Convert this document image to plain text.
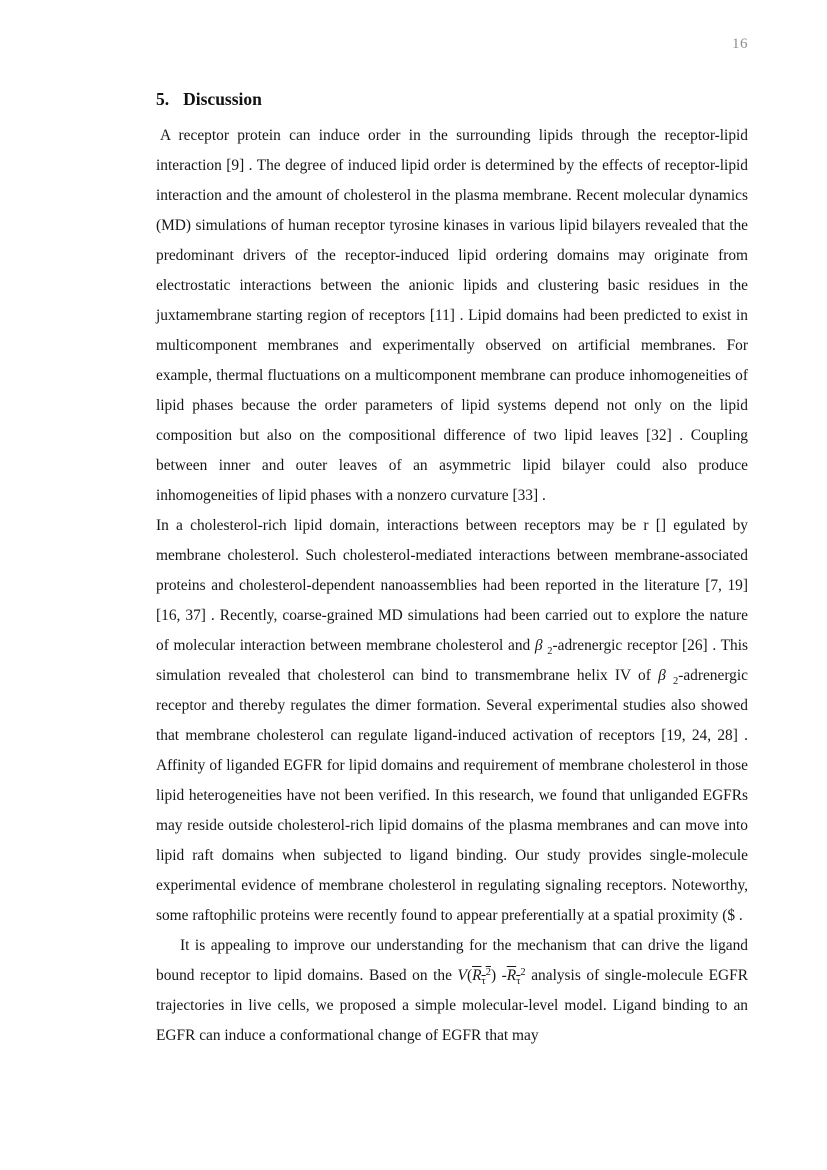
16
5. Discussion

A receptor protein can induce order in the surrounding lipids through the receptor-lipid interaction [9] . The degree of induced lipid order is determined by the effects of receptor-lipid interaction and the amount of cholesterol in the plasma membrane. Recent molecular dynamics (MD) simulations of human receptor tyrosine kinases in various lipid bilayers revealed that the predominant drivers of the receptor-induced lipid ordering domains may originate from electrostatic interactions between the anionic lipids and clustering basic residues in the juxtamembrane starting region of receptors [11] . Lipid domains had been predicted to exist in multicomponent membranes and experimentally observed on artificial membranes. For example, thermal fluctuations on a multicomponent membrane can produce inhomogeneities of lipid phases because the order parameters of lipid systems depend not only on the lipid composition but also on the compositional difference of two lipid leaves [32] . Coupling between inner and outer leaves of an asymmetric lipid bilayer could also produce inhomogeneities of lipid phases with a nonzero curvature [33] .

In a cholesterol-rich lipid domain, interactions between receptors may be r [] egulated by membrane cholesterol. Such cholesterol-mediated interactions between membrane-associated proteins and cholesterol-dependent nanoassemblies had been reported in the literature [7, 19] [16, 37] . Recently, coarse-grained MD simulations had been carried out to explore the nature of molecular interaction between membrane cholesterol and β $_2$-adrenergic receptor [26] . This simulation revealed that cholesterol can bind to transmembrane helix IV of β $_2$-adrenergic receptor and thereby regulates the dimer formation. Several experimental studies also showed that membrane cholesterol can regulate ligand-induced activation of receptors [19, 24, 28] . Affinity of liganded EGFR for lipid domains and requirement of membrane cholesterol in those lipid heterogeneities have not been verified. In this research, we found that unliganded EGFRs may reside outside cholesterol-rich lipid domains of the plasma membranes and can move into lipid raft domains when subjected to ligand binding. Our study provides single-molecule experimental evidence of membrane cholesterol in regulating signaling receptors. Noteworthy, some raftophilic proteins were recently found to appear preferentially at a spatial proximity ($ .

It is appealing to improve our understanding for the mechanism that can drive the ligand bound receptor to lipid domains. Based on the $V(R_\tau^2)$ $-R_\tau^2$ analysis of single-molecule EGFR trajectories in live cells, we proposed a simple molecular-level model. Ligand binding to an EGFR can induce a conformational change of EGFR that may
